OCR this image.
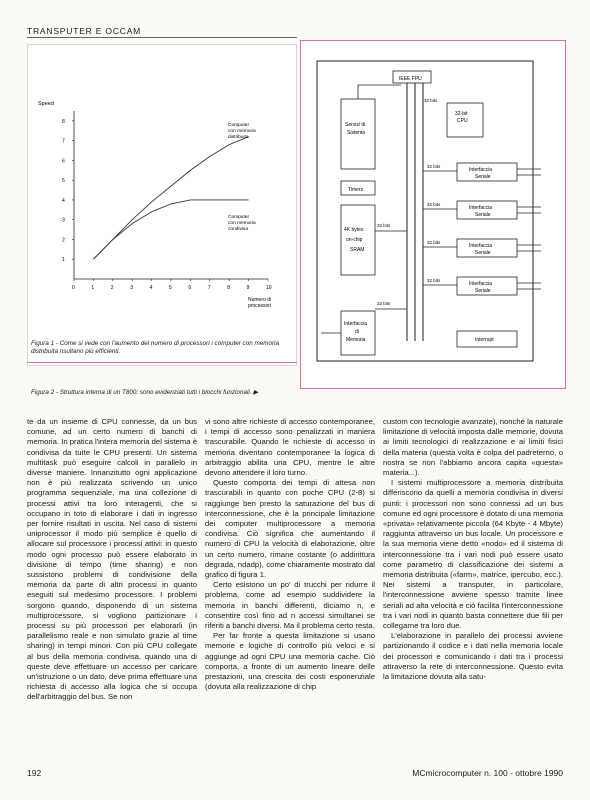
TRANSPUTER E OCCAM
Speed
1
2
3
4
5
6
7
8
0	1	2	3	4	5	6	7	8	9	10
Numero di
processori
Computer
con memoria
distribuita
Computer
con memoria
condivisa
Figura 1 - Come si vede con l'aumento del numero di processori i computer con memoria distribuita risultano più efficienti.
Figura 2 - Struttura interna di un T800: sono evidenziati tutti i blocchi funzionali. ▶
IEEE FPU
32-bit
CPU
32 bits
Servizi di
Sistema
Timers
4K bytes
on-chip
SRAM
32 bits
Interfaccia
di
Memoria
32 bits
32 bits
Interfaccia
Seriale
32 bits
Interfaccia
Seriale
32 bits
Interfaccia
Seriale
32 bits
Interfaccia
Seriale
Interrupt

te da un insieme di CPU connesse, da un bus comune, ad un certo numero di banchi di memoria. In pratica l'intera memoria del sistema è condivisa da tutte le CPU presenti. Un sistema multitask può eseguire calcoli in parallelo in diverse maniere. Innanzitutto ogni applicazione non è più realizzata scrivendo un unico programma sequenziale, ma una collezione di processi attivi tra loro interagenti, che si occupano in toto di elaborare i dati in ingresso per fornire risultati in uscita. Nel caso di sistemi uniprocessor il modo più semplice è quello di allocare sul processore i processi attivi: in questo modo ogni processo può essere elaborato in divisione di tempo (time sharing) e non sussistono problemi di condivisione della memoria da parte di altri processi in quanto eseguiti sul medesimo processore. I problemi sorgono quando, disponendo di un sistema multiprocessore, si vogliono partizionare i processi su più processori per elaborarli (in parallelismo reale e non simulato grazie al time sharing) in tempi minori. Con più CPU collegate al bus della memoria condivisa, quando una di queste deve effettuare un accesso per caricare un'istruzione o un dato, deve prima effettuare una richiesta di accesso alla logica che si occupa dell'arbitraggio del bus. Se non

vi sono altre richieste di accesso contemporanee, i tempi di accesso sono penalizzati in maniera trascurabile. Quando le richieste di accesso in memoria diventano contemporanee la logica di arbitraggio abilita una CPU, mentre le altre devono attendere il loro turno.

Questo comporta dei tempi di attesa non trascurabili in quanto con poche CPU (2-8) si raggiunge ben presto la saturazione del bus di interconnessione, che è la principale limitazione dei computer multiprocessore a memoria condivisa. Ciò significa che aumentando il numero di CPU la velocità di elaborazione, oltre un certo numero, rimane costante (o addirittura degrada, ndadp), come chiaramente mostrato dal grafico di figura 1.

Certo esistono un po' di trucchi per ridurre il problema, come ad esempio suddividere la memoria in banchi differenti, diciamo n, e consentire così fino ad n accessi simultanei se riferiti a banchi diversi. Ma il problema certo resta.

Per far fronte a questa limitazione si usano memorie e logiche di controllo più veloci e si aggiunge ad ogni CPU una memoria cache. Ciò comporta, a fronte di un aumento lineare delle prestazioni, una crescita dei costi esponenziale (dovuta alla realizzazione di chip

custom con tecnologie avanzate), nonché la naturale limitazione di velocità imposta dalle memorie, dovuta ai limiti tecnologici di realizzazione e ai limiti fisici della materia (questa volta è colpa del padreterno, o nostra se non l'abbiamo ancora capita «questa» materia...).

I sistemi multiprocessore a memoria distribuita differiscono da quelli a memoria condivisa in diversi punti: i processori non sono connessi ad un bus comune ed ogni processore è dotato di una memoria «privata» relativamente piccola (64 Kbyte - 4 Mbyte) raggiunta attraverso un bus locale. Un processore e la sua memoria viene detto «nodo» ed il sistema di interconnessione tra i vari nodi può essere usato come parametro di classificazione dei sistemi a memoria distribuita («farm», matrice, ipercubo, ecc.). Nei sistemi a transputer, in particolare, l'interconnessione avviene spesso tramite linee seriali ad alta velocità e ciò facilita l'interconnessione tra i vari nodi in quanto basta connettere due fili per collegarne tra loro due.

L'elaborazione in parallelo dei processi avviene partizionando il codice e i dati nella memoria locale dei processori e comunicando i dati tra i processi attraverso la rete di interconnessione. Questo evita la limitazione dovuta alla satu-

192	MCmicrocomputer n. 100 - ottobre 1990
